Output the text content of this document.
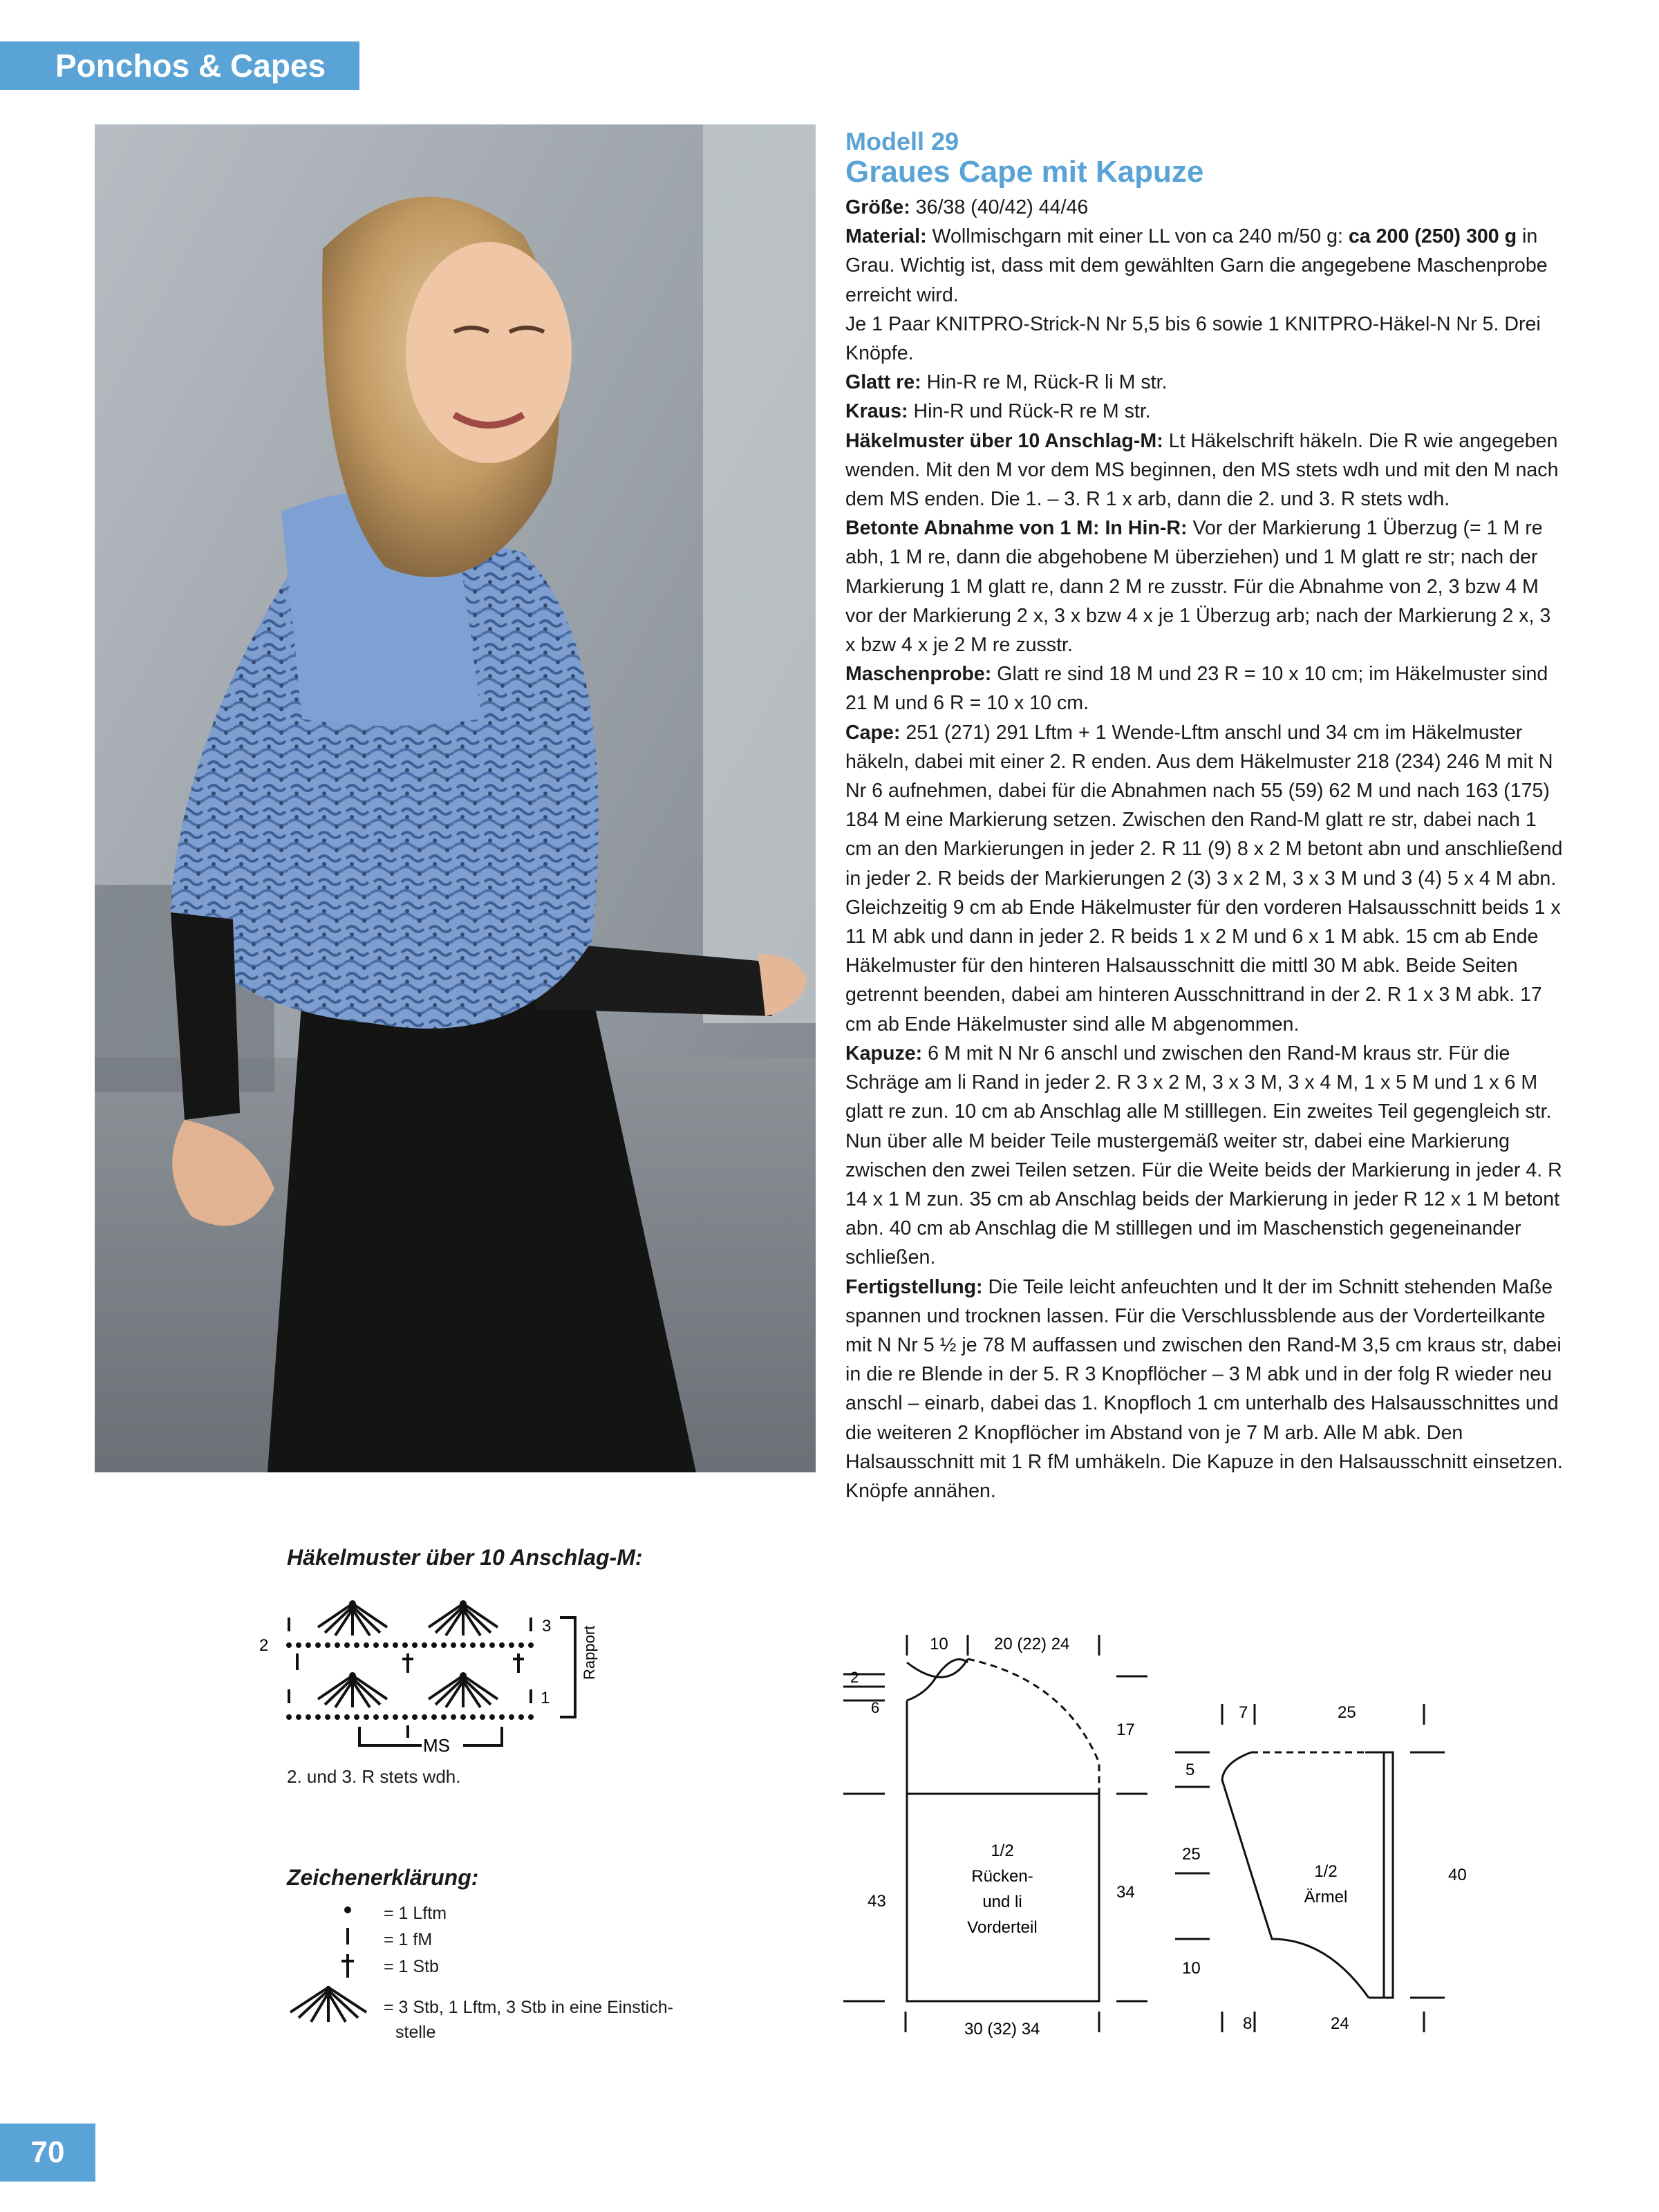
Ponchos & Capes
Modell 29
Graues Cape mit Kapuze

Größe: 36/38 (40/42) 44/46

Material: Wollmischgarn mit einer LL von ca 240 m/50 g: ca 200 (250) 300 g in Grau. Wichtig ist, dass mit dem gewählten Garn die angegebene Maschenprobe erreicht wird.

Je 1 Paar KNITPRO-Strick-N Nr 5,5 bis 6 sowie 1 KNITPRO-Häkel-N Nr 5. Drei Knöpfe.

Glatt re: Hin-R re M, Rück-R li M str.

Kraus: Hin-R und Rück-R re M str.

Häkelmuster über 10 Anschlag-M: Lt Häkelschrift häkeln. Die R wie angegeben wenden. Mit den M vor dem MS beginnen, den MS stets wdh und mit den M nach dem MS enden. Die 1. – 3. R 1 x arb, dann die 2. und 3. R stets wdh.

Betonte Abnahme von 1 M: In Hin-R: Vor der Markierung 1 Überzug (= 1 M re abh, 1 M re, dann die abgehobene M überziehen) und 1 M glatt re str; nach der Markierung 1 M glatt re, dann 2 M re zusstr. Für die Abnahme von 2, 3 bzw 4 M vor der Markierung 2 x, 3 x bzw 4 x je 1 Überzug arb; nach der Markierung 2 x, 3 x bzw 4 x je 2 M re zusstr.

Maschenprobe: Glatt re sind 18 M und 23 R = 10 x 10 cm; im Häkelmuster sind 21 M und 6 R = 10 x 10 cm.

Cape: 251 (271) 291 Lftm + 1 Wende-Lftm anschl und 34 cm im Häkelmuster häkeln, dabei mit einer 2. R enden. Aus dem Häkelmuster 218 (234) 246 M mit N Nr 6 aufnehmen, dabei für die Abnahmen nach 55 (59) 62 M und nach 163 (175) 184 M eine Markierung setzen. Zwischen den Rand-M glatt re str, dabei nach 1 cm an den Markierungen in jeder 2. R 11 (9) 8 x 2 M betont abn und anschließend in jeder 2. R beids der Markierungen 2 (3) 3 x 2 M, 3 x 3 M und 3 (4) 5 x 4 M abn. Gleichzeitig 9 cm ab Ende Häkelmuster für den vorderen Halsausschnitt beids 1 x 11 M abk und dann in jeder 2. R beids 1 x 2 M und 6 x 1 M abk. 15 cm ab Ende Häkelmuster für den hinteren Halsausschnitt die mittl 30 M abk. Beide Seiten getrennt beenden, dabei am hinteren Ausschnittrand in der 2. R 1 x 3 M abk. 17 cm ab Ende Häkelmuster sind alle M abgenommen.

Kapuze: 6 M mit N Nr 6 anschl und zwischen den Rand-M kraus str. Für die Schräge am li Rand in jeder 2. R 3 x 2 M, 3 x 3 M, 3 x 4 M, 1 x 5 M und 1 x 6 M glatt re zun. 10 cm ab Anschlag alle M stilllegen. Ein zweites Teil gegengleich str. Nun über alle M beider Teile mustergemäß weiter str, dabei eine Markierung zwischen den zwei Teilen setzen. Für die Weite beids der Markierung in jeder 4. R 14 x 1 M zun. 35 cm ab Anschlag beids der Markierung in jeder R 12 x 1 M betont abn. 40 cm ab Anschlag die M stilllegen und im Maschenstich gegeneinander schließen.

Fertigstellung: Die Teile leicht anfeuchten und lt der im Schnitt stehenden Maße spannen und trocknen lassen. Für die Verschlussblende aus der Vorderteilkante mit N Nr 5 ½ je 78 M auffassen und zwischen den Rand-M 3,5 cm kraus str, dabei in die re Blende in der 5. R 3 Knopflöcher – 3 M abk und in der folg R wieder neu anschl – einarb, dabei das 1. Knopfloch 1 cm unterhalb des Halsausschnittes und die weiteren 2 Knopflöcher im Abstand von je 7 M arb. Alle M abk. Den Halsausschnitt mit 1 R fM umhäkeln. Die Kapuze in den Halsausschnitt einsetzen. Knöpfe annähen.

Häkelmuster über 10 Anschlag-M:
2
3
1
MS
Rapport
2. und 3. R stets wdh.
Zeichenerklärung:
= 1 Lftm
= 1 fM
= 1 Stb
= 3 Stb, 1 Lftm, 3 Stb in eine Einstich-
stelle
10	20 (22) 24
2
6
17
43	34
30 (32) 34
1/2
Rücken-
und li
Vorderteil
7	25
5
25
10
40
8	24
1/2
Ärmel
70
